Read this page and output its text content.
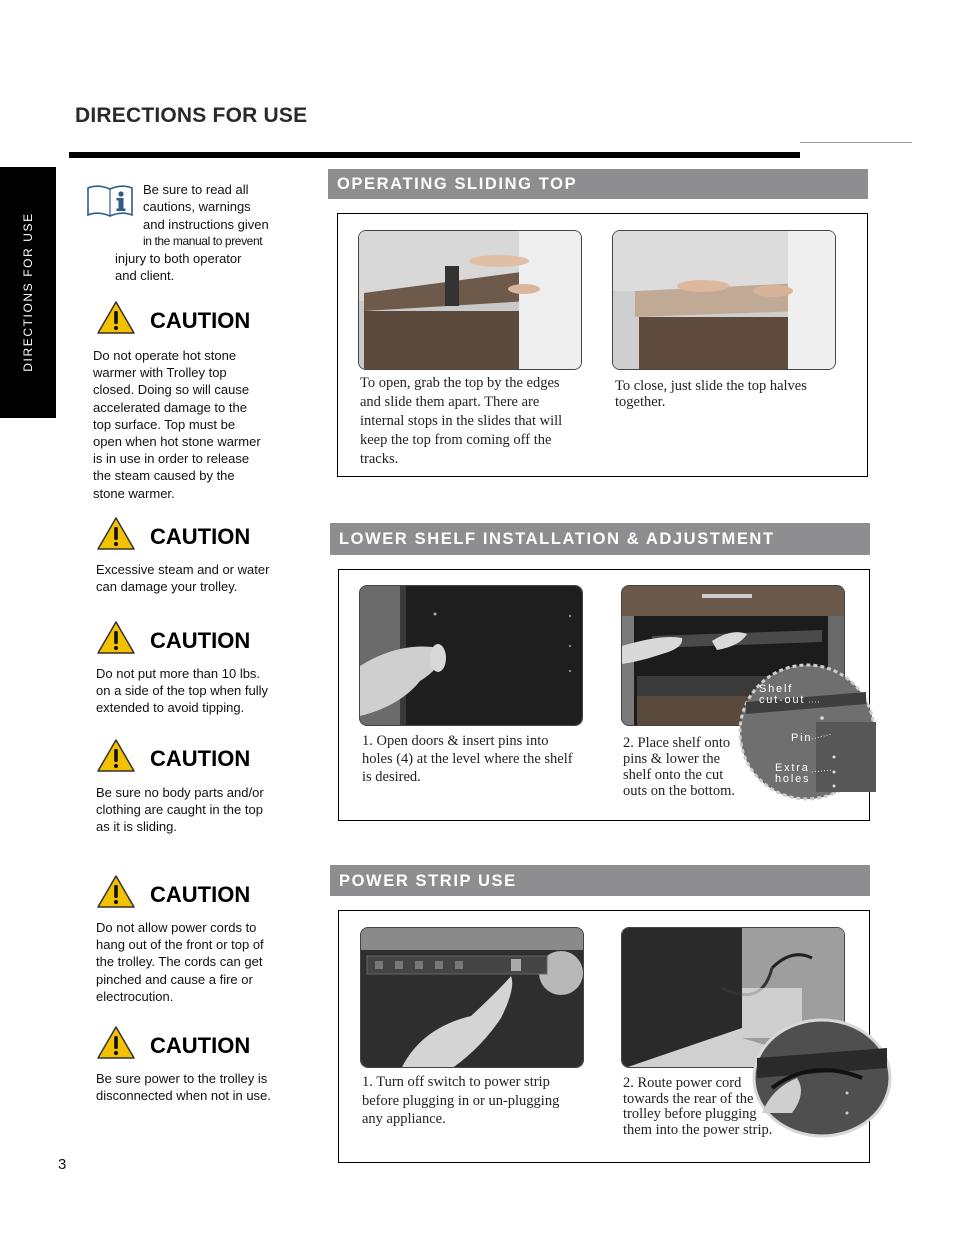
DIRECTIONS FOR USE
DIRECTIONS FOR USE
3
Be sure to read all
cautions, warnings
and instructions given
in the manual to prevent
injury to both operator
and client.
CAUTION
Do not operate hot stone
warmer with Trolley top
closed. Doing so will cause
accelerated damage to the
top surface. Top must be
open when hot stone warmer
is in use in order to release
the steam caused by the
stone warmer.
CAUTION
Excessive steam and or water
can damage your trolley.
CAUTION
Do not put more than 10 lbs.
on a side of the top when fully
extended to avoid tipping.
CAUTION
Be sure no body parts and/or
clothing are caught in the top
as it is sliding.
CAUTION
Do not allow power cords to
hang out of the front or top of
the trolley. The cords can get
pinched and cause a fire or
electrocution.
CAUTION
Be sure power to the trolley is
disconnected when not in use.
OPERATING SLIDING TOP
To open, grab the top by the edges
and slide them apart. There are
internal stops in the slides that will
keep the top from coming off the
tracks.
To close, just slide the top halves
together.
LOWER SHELF INSTALLATION & ADJUSTMENT
Shelf
cut-out
Pin
Extra
holes
1. Open doors & insert pins into
holes (4) at the level where the shelf
is desired.
2. Place shelf onto
pins & lower the
shelf onto the cut
outs on the bottom.
POWER STRIP USE
1. Turn off switch to power strip
before plugging in or un-plugging
any appliance.
2. Route power cord
towards the rear of the
trolley before plugging
them into the power strip.
